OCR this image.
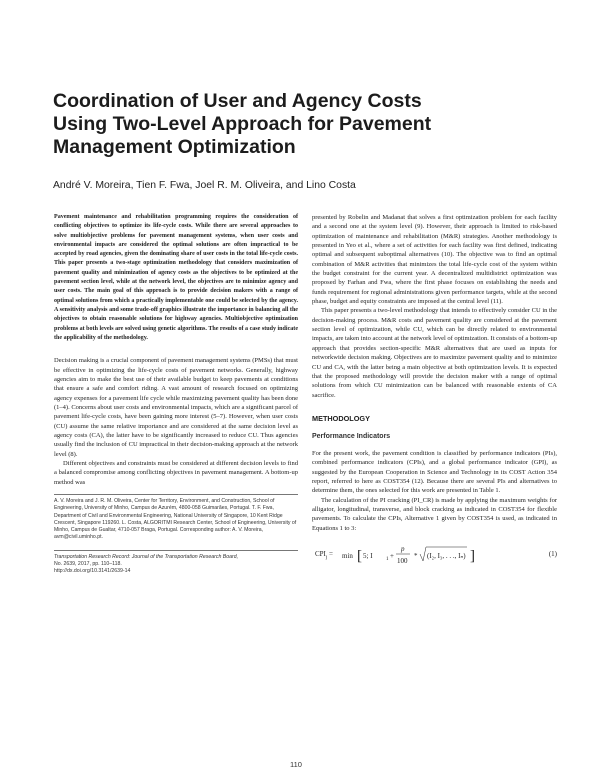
Coordination of User and Agency Costs
Using Two-Level Approach for Pavement
Management Optimization

André V. Moreira, Tien F. Fwa, Joel R. M. Oliveira, and Lino Costa

Pavement maintenance and rehabilitation programming requires the consideration of conflicting objectives to optimize its life-cycle costs. While there are several approaches to solve multiobjective problems for pavement management systems, when user costs and environmental impacts are considered the optimal solutions are often impractical to be accepted by road agencies, given the dominating share of user costs in the total life-cycle costs. This paper presents a two-stage optimization methodology that considers maximization of pavement quality and minimization of agency costs as the objectives to be optimized at the pavement section level, while at the network level, the objectives are to minimize agency and user costs. The main goal of this approach is to provide decision makers with a range of optimal solutions from which a practically implementable one could be selected by the agency. A sensitivity analysis and some trade-off graphics illustrate the importance in balancing all the objectives to obtain reasonable solutions for highway agencies. Multiobjective optimization problems at both levels are solved using genetic algorithms. The results of a case study indicate the applicability of the methodology.

Decision making is a crucial component of pavement management systems (PMSs) that must be effective in optimizing the life-cycle costs of pavement networks. Generally, highway agencies aim to make the best use of their available budget to keep pavements at conditions that ensure a safe and comfort riding. A vast amount of research focused on optimizing agency expenses for a pavement life cycle while maximizing pavement quality has been done (1–4). Concerns about user costs and environmental impacts, which are a significant parcel of pavement life-cycle costs, have been gaining more interest (5–7). However, when user costs (CU) assume the same relative importance and are considered at the same decision level as agency costs (CA), the latter have to be significantly increased to reduce CU. Thus agencies usually find the inclusion of CU impractical in their decision-making approach at the network level (8).

Different objectives and constraints must be considered at different decision levels to find a balanced compromise among conflicting objectives in pavement management. A bottom-up method was

A. V. Moreira and J. R. M. Oliveira, Center for Territory, Environment, and Construction, School of Engineering, University of Minho, Campus de Azurém, 4800-058 Guimarães, Portugal. T. F. Fwa, Department of Civil and Environmental Engineering, National University of Singapore, 10 Kent Ridge Crescent, Singapore 119260. L. Costa, ALGORITMI Research Center, School of Engineering, University of Minho, Campus de Gualtar, 4710-057 Braga, Portugal. Corresponding author: A. V. Moreira, avm@civil.uminho.pt.

Transportation Research Record: Journal of the Transportation Research Board,
No. 2639, 2017, pp. 110–118.
http://dx.doi.org/10.3141/2639-14

presented by Robelin and Madanat that solves a first optimization problem for each facility and a second one at the system level (9). However, their approach is limited to risk-based optimization of maintenance and rehabilitation (M&R) strategies. Another methodology is presented in Yeo et al., where a set of activities for each facility was first defined, indicating optimal and subsequent suboptimal alternatives (10). The objective was to find an optimal combination of M&R activities that minimizes the total life-cycle cost of the system within the budget constraint for the current year. A decentralized multidistrict optimization was proposed by Farhan and Fwa, where the first phase focuses on establishing the needs and funds requirement for regional administrations given performance targets, while at the second phase, budget and equity constraints are imposed at the central level (11).

This paper presents a two-level methodology that intends to effectively consider CU in the decision-making process. M&R costs and pavement quality are considered at the pavement section level of optimization, while CU, which can be directly related to environmental impacts, are taken into account at the network level of optimization. It consists of a bottom-up approach that provides section-specific M&R alternatives that are used as inputs for networkwide decision making. Objectives are to maximize pavement quality and to minimize CU and CA, with the latter being a main objective at both optimization levels. It is expected that the proposed methodology will provide the decision maker with a range of optimal solutions from which CU minimization can be balanced with reasonable extents of CA sacrifice.

METHODOLOGY

Performance Indicators

For the present work, the pavement condition is classified by performance indicators (PIs), combined performance indicators (CPIs), and a global performance indicator (GPI), as suggested by the European Cooperation in Science and Technology in its COST Action 354 report, referred to here as COST354 (12). Because there are several PIs and alternatives to determine them, the ones selected for this work are presented in Table 1.

The calculation of the PI cracking (PI_CR) is made by applying the maximum weights for alligator, longitudinal, transverse, and block cracking as indicated in COST354 for flexible pavements. To calculate the CPIs, Alternative 1 given by COST354 is used, as indicated in Equations 1 to 3:

$CPI_j = \min$ [ 5; I	1 +
p
100
* (I₂, I₃, . . ., Iₙ) ]	(1)
110
